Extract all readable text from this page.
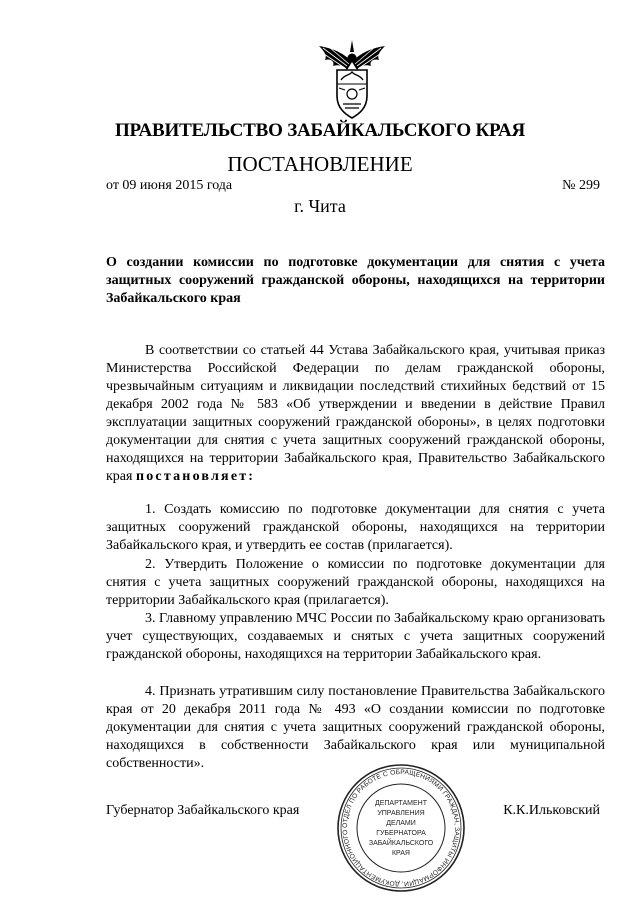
ПРАВИТЕЛЬСТВО ЗАБАЙКАЛЬСКОГО КРАЯ
ПОСТАНОВЛЕНИЕ
от 09 июня 2015 года	№ 299
г. Чита
О создании комиссии по подготовке документации для снятия с учета защитных сооружений гражданской обороны, находящихся на территории Забайкальского края

В соответствии со статьей 44 Устава Забайкальского края, учитывая приказ Министерства Российской Федерации по делам гражданской обороны, чрезвычайным ситуациям и ликвидации последствий стихийных бедствий от 15 декабря 2002 года № 583 «Об утверждении и введении в действие Правил эксплуатации защитных сооружений гражданской обороны», в целях подготовки документации для снятия с учета защитных сооружений гражданской обороны, находящихся на территории Забайкальского края, Правительство Забайкальского края постановляет:

1. Создать комиссию по подготовке документации для снятия с учета защитных сооружений гражданской обороны, находящихся на территории Забайкальского края, и утвердить ее состав (прилагается).

2. Утвердить Положение о комиссии по подготовке документации для снятия с учета защитных сооружений гражданской обороны, находящихся на территории Забайкальского края (прилагается).

3. Главному управлению МЧС России по Забайкальскому краю организовать учет существующих, создаваемых и снятых с учета защитных сооружений гражданской обороны, находящихся на территории Забайкальского края.

4. Признать утратившим силу постановление Правительства Забайкальского края от 20 декабря 2011 года № 493 «О создании комиссии по подготовке документации для снятия с учета защитных сооружений гражданской обороны, находящихся в собственности Забайкальского края или муниципальной собственности».

Губернатор Забайкальского края	К.К.Ильковский
ОТДЕЛ ПО РАБОТЕ С ОБРАЩЕНИЯМИ ГРАЖДАН, ЗАЩИТЫ ИНФОРМАЦИИ, ДОКУМЕНТАЦИОННОГО
ДЕПАРТАМЕНТ
УПРАВЛЕНИЯ
ДЕЛАМИ
ГУБЕРНАТОРА
ЗАБАЙКАЛЬСКОГО
КРАЯ
